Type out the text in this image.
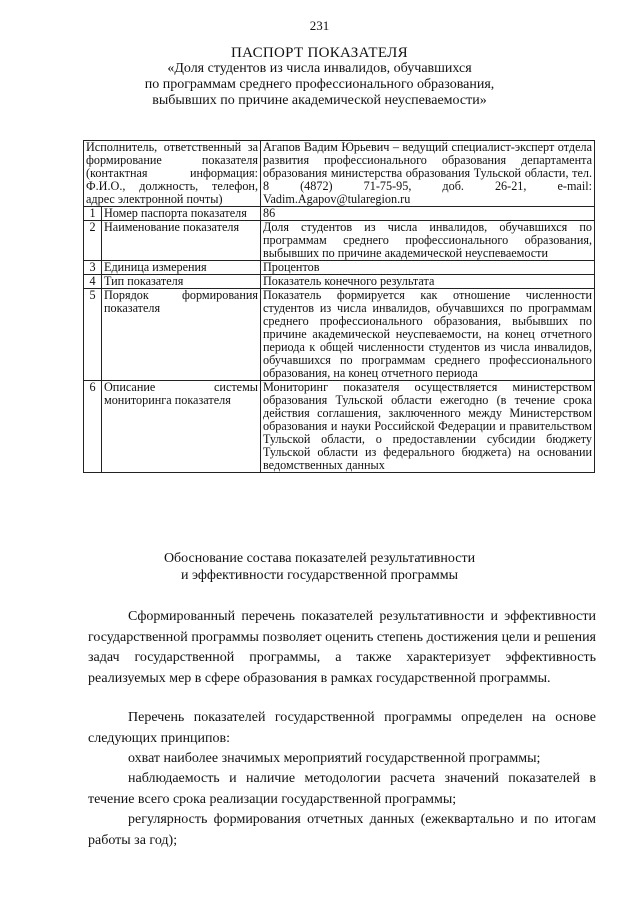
231
ПАСПОРТ ПОКАЗАТЕЛЯ
«Доля студентов из числа инвалидов, обучавшихся
по программам среднего профессионального образования,
выбывших по причине академической неуспеваемости»
Исполнитель, ответственный за формирование показателя (контактная информация: Ф.И.О., должность, телефон, адрес электронной почты)		Агапов Вадим Юрьевич – ведущий специалист-эксперт отдела развития профессионального образования департамента образования министерства образования Тульской области, тел. 8 (4872) 71-75-95, доб. 26-21, e-mail: Vadim.Agapov@tularegion.ru
1	Номер паспорта показателя	86
2	Наименование показателя	Доля студентов из числа инвалидов, обучавшихся по программам среднего профессионального образования, выбывших по причине академической неуспеваемости
3	Единица измерения	Процентов
4	Тип показателя	Показатель конечного результата
5	Порядок формирования показателя	Показатель формируется как отношение численности студентов из числа инвалидов, обучавшихся по программам среднего профессионального образования, выбывших по причине академической неуспеваемости, на конец отчетного периода к общей численности студентов из числа инвалидов, обучавшихся по программам среднего профессионального образования, на конец отчетного периода
6	Описание системы мониторинга показателя	Мониторинг показателя осуществляется министерством образования Тульской области ежегодно (в течение срока действия соглашения, заключенного между Министерством образования и науки Российской Федерации и правительством Тульской области, о предоставлении субсидии бюджету Тульской области из федерального бюджета) на основании ведомственных данных
Обоснование состава показателей результативности
и эффективности государственной программы
Сформированный перечень показателей результативности и эффективности государственной программы позволяет оценить степень достижения цели и решения задач государственной программы, а также характеризует эффективность реализуемых мер в сфере образования в рамках государственной программы.
Перечень показателей государственной программы определен на основе следующих принципов:
охват наиболее значимых мероприятий государственной программы;
наблюдаемость и наличие методологии расчета значений показателей в течение всего срока реализации государственной программы;
регулярность формирования отчетных данных (ежеквартально и по итогам работы за год);
